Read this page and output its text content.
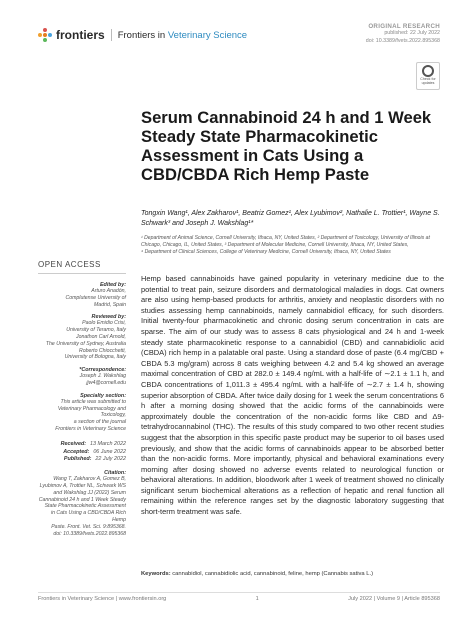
frontiers Frontiers in Veterinary Science
ORIGINAL RESEARCH
published: 22 July 2022
doi: 10.3389/fvets.2022.895368
Check for updates
Serum Cannabinoid 24 h and 1 Week Steady State Pharmacokinetic Assessment in Cats Using a CBD/CBDA Rich Hemp Paste
Tongxin Wang¹, Alex Zakharov¹, Beatriz Gomez¹, Alex Lyubimov², Nathalie L. Trottier¹, Wayne S. Schwark³ and Joseph J. Wakshlag¹*

¹ Department of Animal Science, Cornell University, Ithaca, NY, United States, ² Department of Toxicology, University of Illinois at Chicago, Chicago, IL, United States, ³ Department of Molecular Medicine, Cornell University, Ithaca, NY, United States,

⁴ Department of Clinical Sciences, College of Veterinary Medicine, Cornell University, Ithaca, NY, United States

OPEN ACCESS
Edited by:
Arturo Anadón,
Complutense University of
Madrid, Spain
Reviewed by:
Paolo Emidio Crisi,
University of Teramo, Italy
Jonathon Carl Arnold,
The University of Sydney, Australia
Roberto Chiocchetti,
University of Bologna, Italy
*Correspondence:
Joseph J. Wakshlag
jjw4@cornell.edu
Specialty section:
This article was submitted to
Veterinary Pharmacology and
Toxicology,
a section of the journal
Frontiers in Veterinary Science
Received: 13 March 2022
Accepted: 06 June 2022
Published: 22 July 2022
Citation:
Wang T, Zakharov A, Gomez B,
Lyubimov A, Trottier NL, Schwark WS
and Wakshlag JJ (2022) Serum
Cannabinoid 24 h and 1 Week Steady
State Pharmacokinetic Assessment
in Cats Using a CBD/CBDA Rich Hemp
Paste. Front. Vet. Sci. 9:895368.
doi: 10.3389/fvets.2022.895368

Hemp based cannabinoids have gained popularity in veterinary medicine due to the potential to treat pain, seizure disorders and dermatological maladies in dogs. Cat owners are also using hemp-based products for arthritis, anxiety and neoplastic disorders with no studies assessing hemp cannabinoids, namely cannabidiol efficacy, for such disorders. Initial twenty-four pharmacokinetic and chronic dosing serum concentration in cats are sparse. The aim of our study was to assess 8 cats physiological and 24 h and 1-week steady state pharmacokinetic response to a cannabidiol (CBD) and cannabidiolic acid (CBDA) rich hemp in a palatable oral paste. Using a standard dose of paste (6.4 mg/CBD + CBDA 5.3 mg/gram) across 8 cats weighing between 4.2 and 5.4 kg showed an average maximal concentration of CBD at 282.0 ± 149.4 ng/mL with a half-life of ∼2.1 ± 1.1 h, and CBDA concentrations of 1,011.3 ± 495.4 ng/mL with a half-life of ∼2.7 ± 1.4 h, showing superior absorption of CBDA. After twice daily dosing for 1 week the serum concentrations 6 h after a morning dosing showed that the acidic forms of the cannabinoids were approximately double the concentration of the non-acidic forms like CBD and Δ9- tetrahydrocannabinol (THC). The results of this study compared to two other recent studies suggest that the absorption in this specific paste product may be superior to oil bases used previously, and show that the acidic forms of cannabinoids appear to be absorbed better than the non-acidic forms. More importantly, physical and behavioral examinations every morning after dosing showed no adverse events related to neurological function or behavioral alterations. In addition, bloodwork after 1 week of treatment showed no clinically significant serum biochemical alterations as a reflection of hepatic and renal function all remaining within the reference ranges set by the diagnostic laboratory suggesting that short-term treatment was safe.

Keywords: cannabidiol, cannabidiolic acid, cannabinoid, feline, hemp (Cannabis sativa L.)
Frontiers in Veterinary Science | www.frontiersin.org	1	July 2022 | Volume 9 | Article 895368
